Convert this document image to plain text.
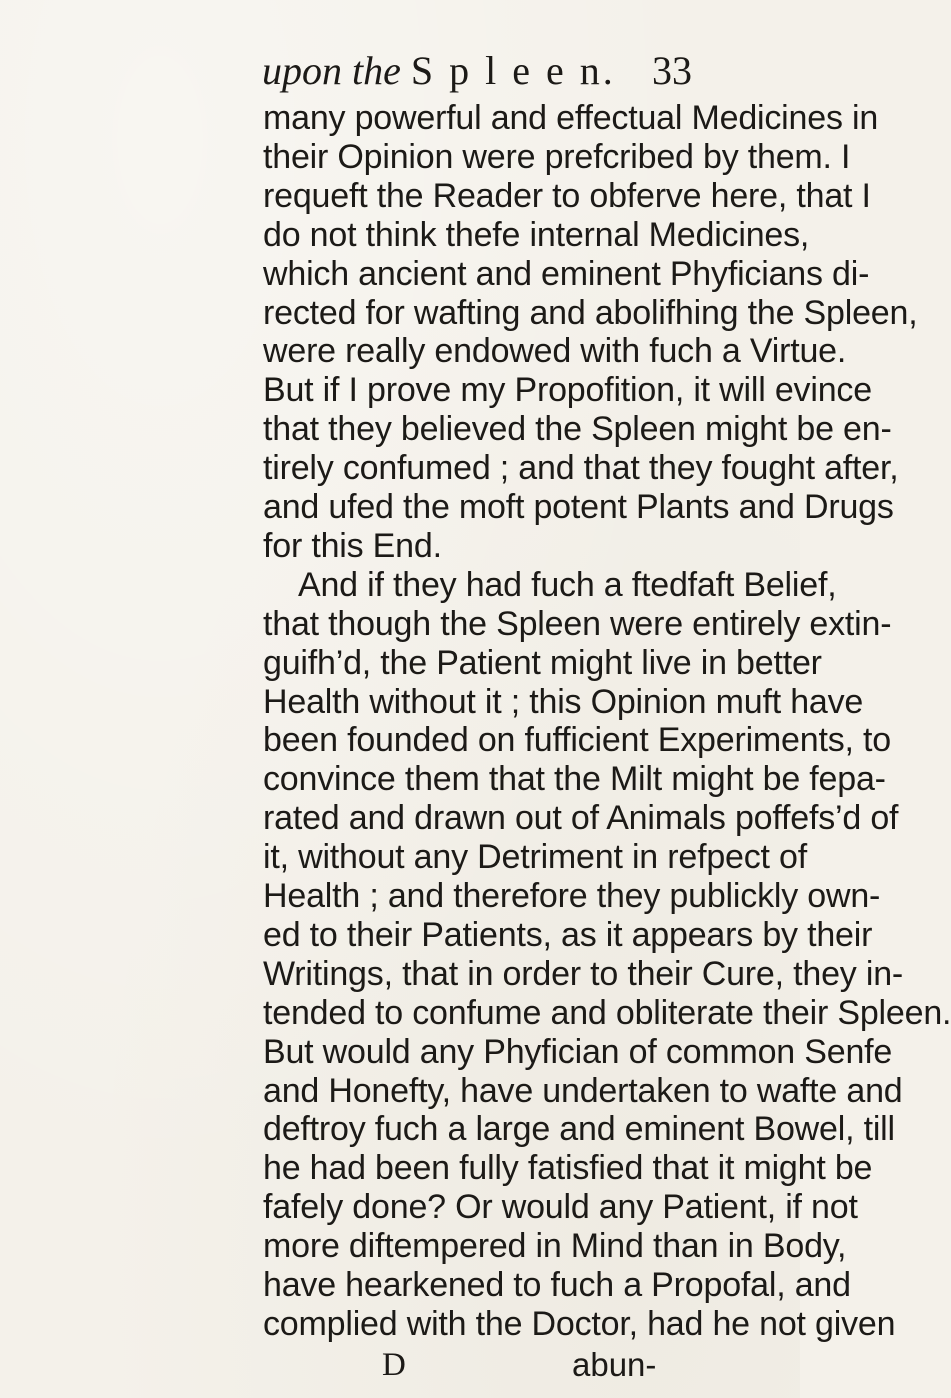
upon the S p l e e n. 33
many powerful and effectual Medicines in
their Opinion were prefcribed by them. I
requeft the Reader to obferve here, that I
do not think thefe internal Medicines,
which ancient and eminent Phyficians di-
rected for wafting and abolifhing the Spleen,
were really endowed with fuch a Virtue.
But if I prove my Propofition, it will evince
that they believed the Spleen might be en-
tirely confumed ; and that they fought after,
and ufed the moft potent Plants and Drugs
for this End.
And if they had fuch a ftedfaft Belief,
that though the Spleen were entirely extin-
guifh’d, the Patient might live in better
Health without it ; this Opinion muft have
been founded on fufficient Experiments, to
convince them that the Milt might be fepa-
rated and drawn out of Animals poffefs’d of
it, without any Detriment in refpect of
Health ; and therefore they publickly own-
ed to their Patients, as it appears by their
Writings, that in order to their Cure, they in-
tended to confume and obliterate their Spleen.
But would any Phyfician of common Senfe
and Honefty, have undertaken to wafte and
deftroy fuch a large and eminent Bowel, till
he had been fully fatisfied that it might be
fafely done? Or would any Patient, if not
more diftempered in Mind than in Body,
have hearkened to fuch a Propofal, and
complied with the Doctor, had he not given
D	abun-
